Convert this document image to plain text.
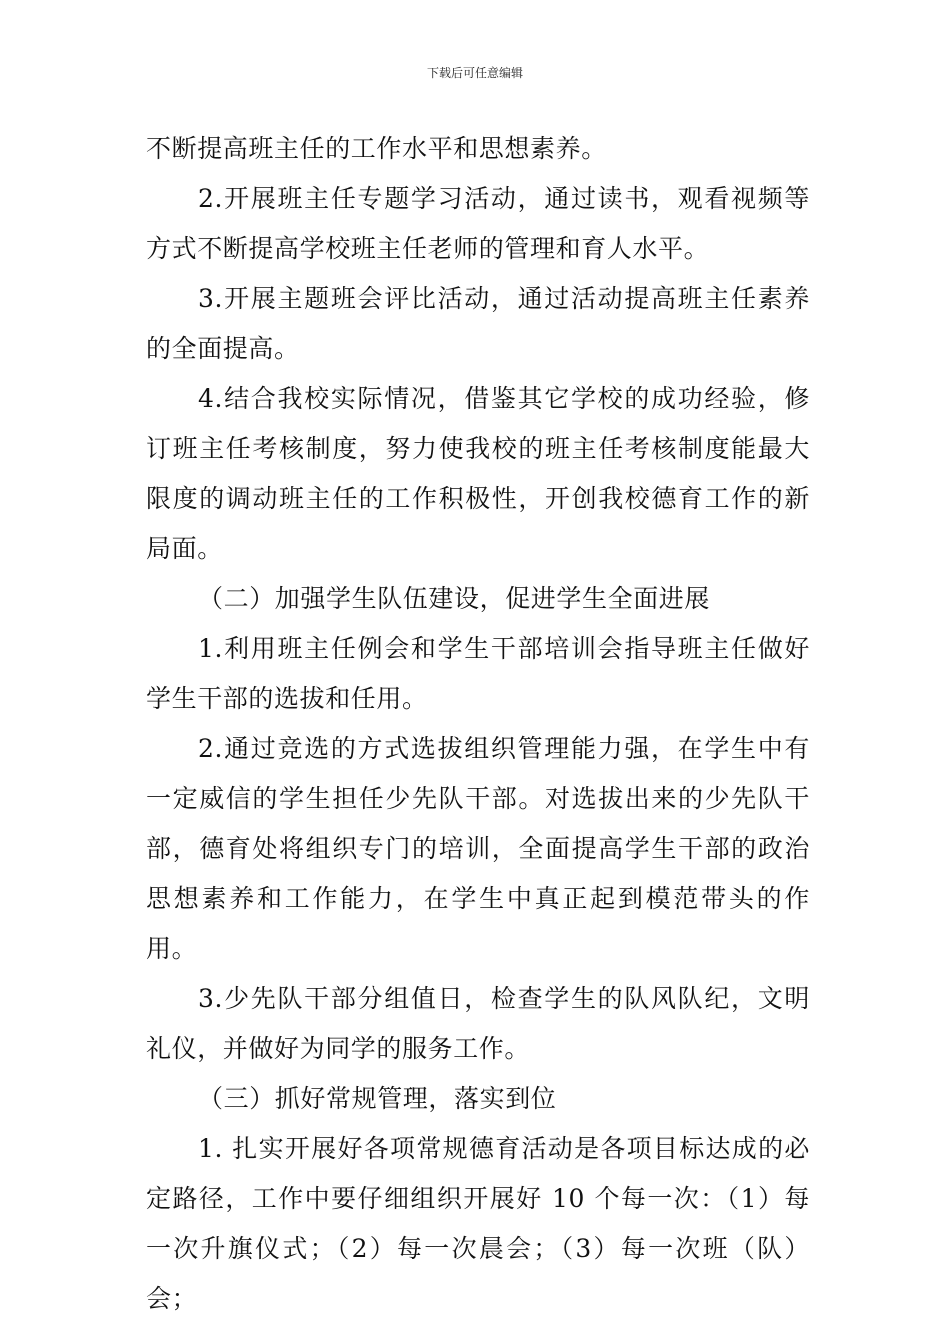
下载后可任意编辑

不断提高班主任的工作水平和思想素养。

2.开展班主任专题学习活动，通过读书，观看视频等方式不断提高学校班主任老师的管理和育人水平。

3.开展主题班会评比活动，通过活动提高班主任素养的全面提高。

4.结合我校实际情况，借鉴其它学校的成功经验，修订班主任考核制度，努力使我校的班主任考核制度能最大限度的调动班主任的工作积极性，开创我校德育工作的新局面。

（二）加强学生队伍建设，促进学生全面进展

1.利用班主任例会和学生干部培训会指导班主任做好学生干部的选拔和任用。

2.通过竞选的方式选拔组织管理能力强，在学生中有一定威信的学生担任少先队干部。对选拔出来的少先队干部，德育处将组织专门的培训，全面提高学生干部的政治思想素养和工作能力，在学生中真正起到模范带头的作用。

3.少先队干部分组值日，检查学生的队风队纪，文明礼仪，并做好为同学的服务工作。

（三）抓好常规管理，落实到位

1. 扎实开展好各项常规德育活动是各项目标达成的必定路径，工作中要仔细组织开展好 10 个每一次：（1）每一次升旗仪式；（2）每一次晨会；（3）每一次班（队）会；
